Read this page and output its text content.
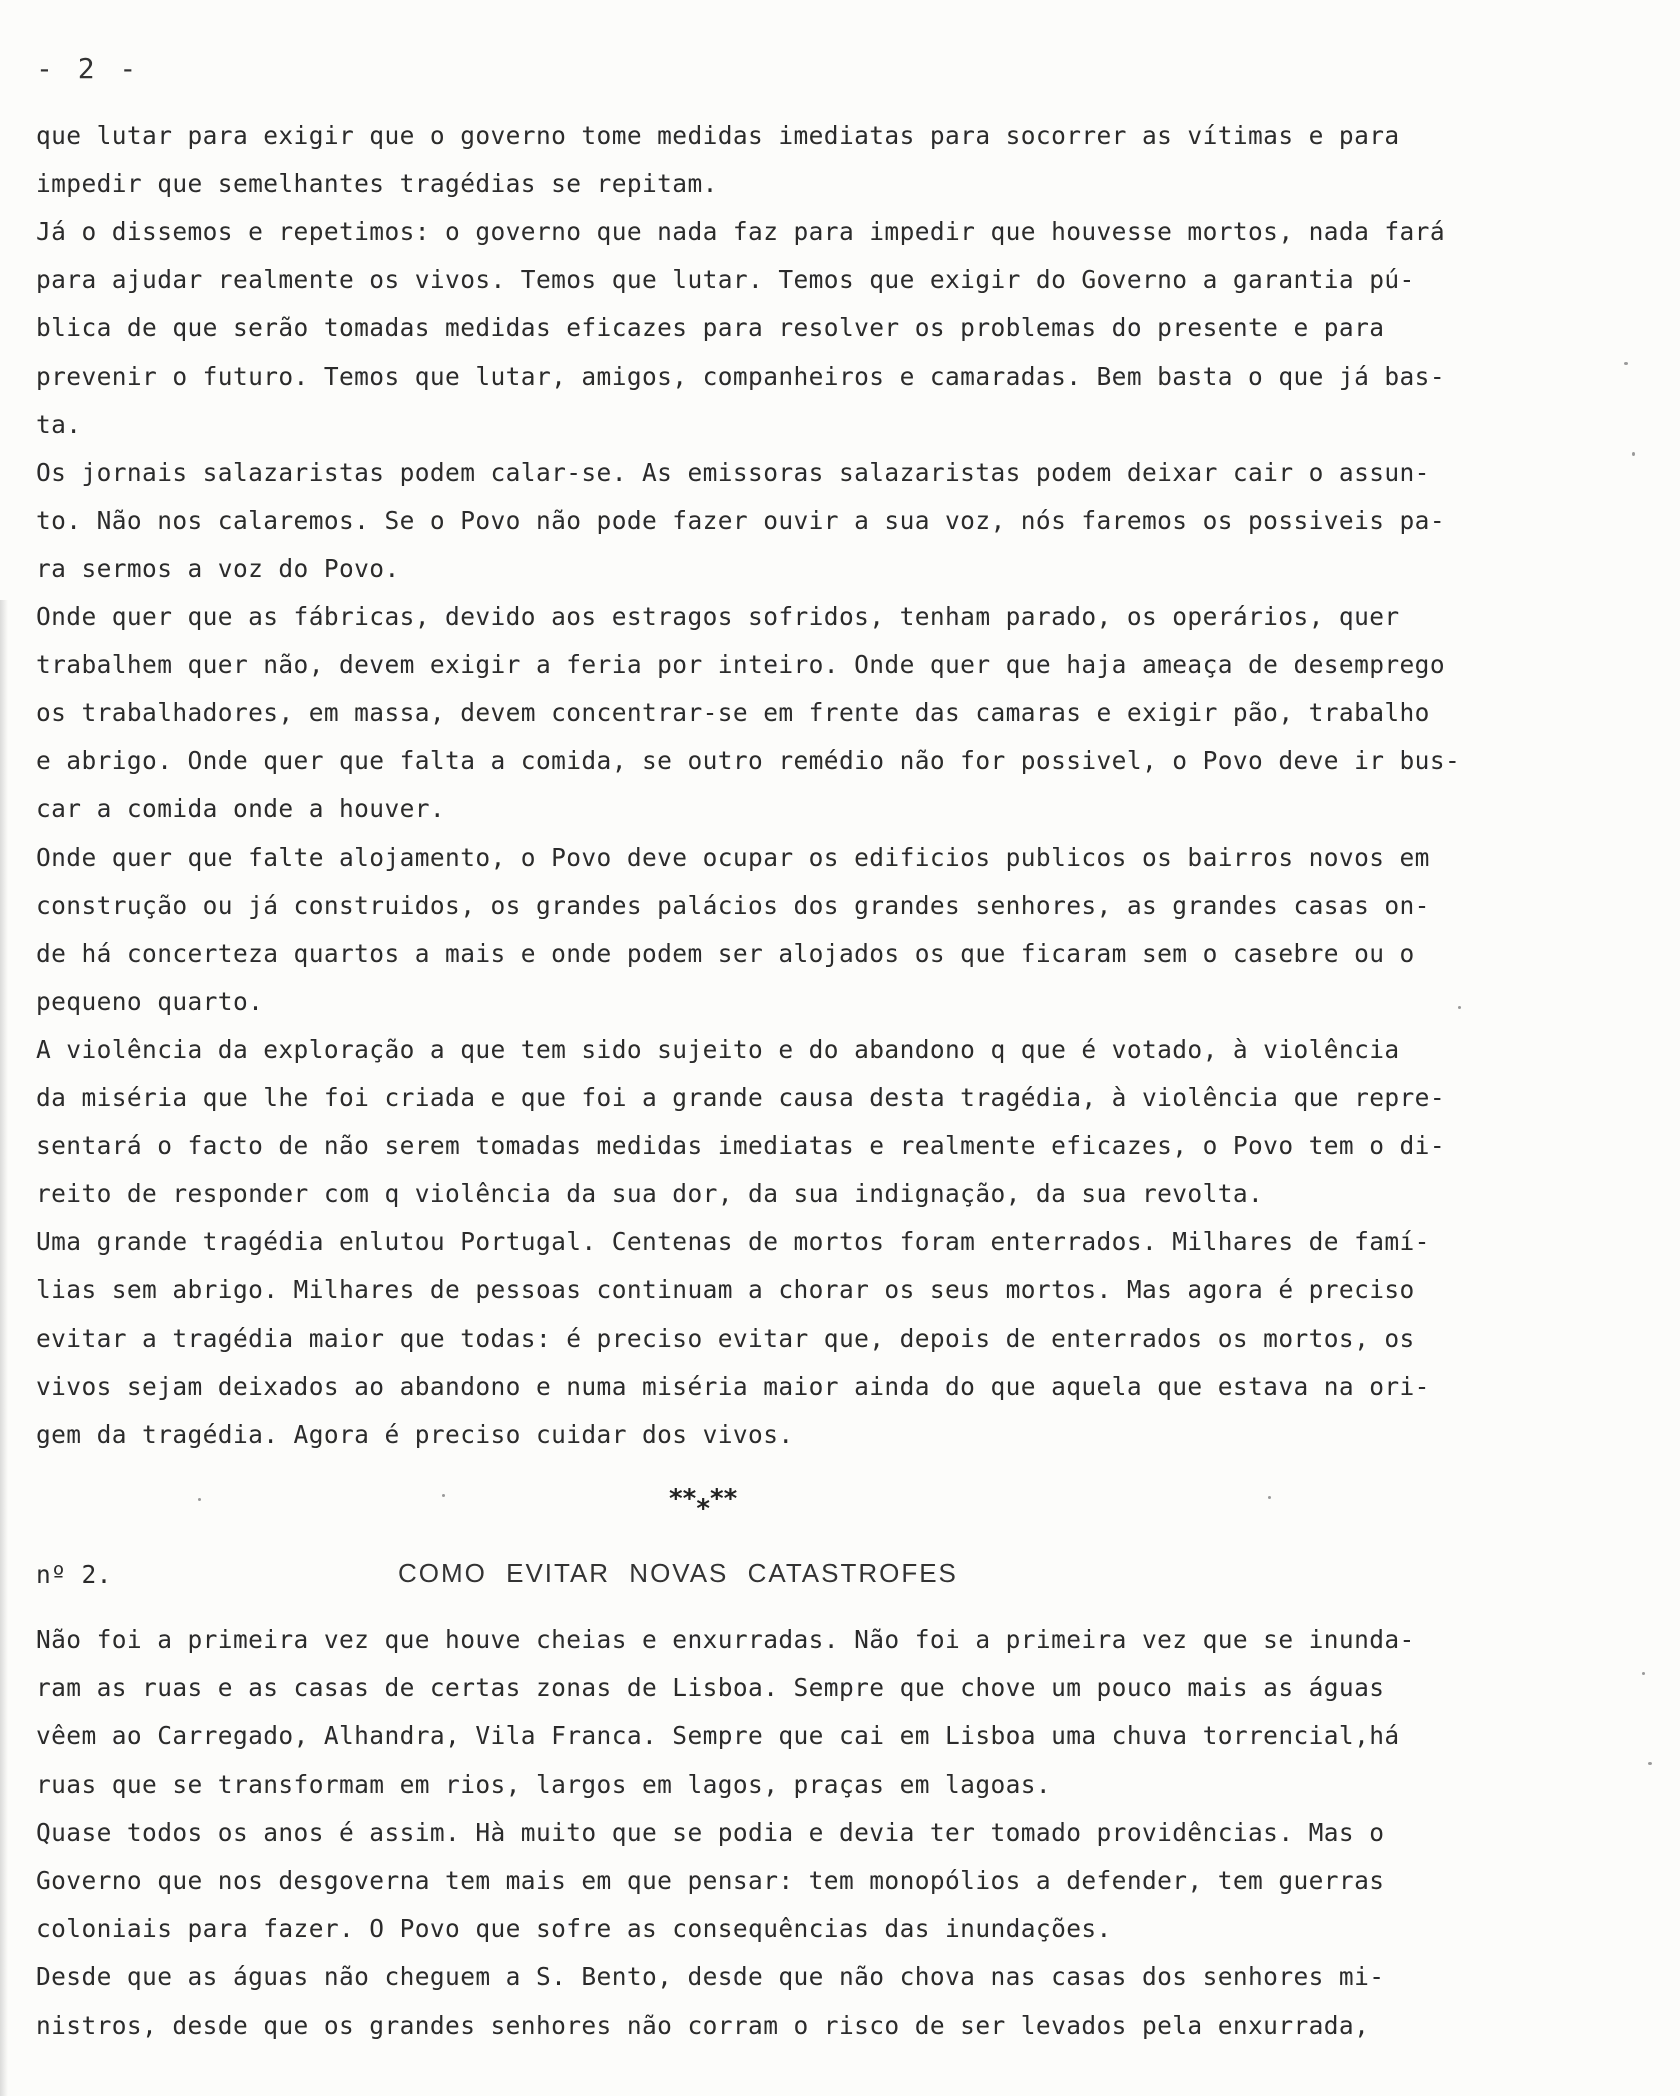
- 2 -
que lutar para exigir que o governo tome medidas imediatas para socorrer as vítimas e para
impedir que semelhantes tragédias se repitam.
Já o dissemos e repetimos: o governo que nada faz para impedir que houvesse mortos, nada fará
para ajudar realmente os vivos. Temos que lutar. Temos que exigir do Governo a garantia pú-
blica de que serão tomadas medidas eficazes para resolver os problemas do presente e para
prevenir o futuro. Temos que lutar, amigos, companheiros e camaradas. Bem basta o que já bas-
ta.
Os jornais salazaristas podem calar-se. As emissoras salazaristas podem deixar cair o assun-
to. Não nos calaremos. Se o Povo não pode fazer ouvir a sua voz, nós faremos os possiveis pa-
ra sermos a voz do Povo.
Onde quer que as fábricas, devido aos estragos sofridos, tenham parado, os operários, quer
trabalhem quer não, devem exigir a feria por inteiro. Onde quer que haja ameaça de desemprego
os trabalhadores, em massa, devem concentrar-se em frente das camaras e exigir pão, trabalho
e abrigo. Onde quer que falta a comida, se outro remédio não for possivel, o Povo deve ir bus-
car a comida onde a houver.
Onde quer que falte alojamento, o Povo deve ocupar os edificios publicos os bairros novos em
construção ou já construidos, os grandes palácios dos grandes senhores, as grandes casas on-
de há concerteza quartos a mais e onde podem ser alojados os que ficaram sem o casebre ou o
pequeno quarto.
A violência da exploração a que tem sido sujeito e do abandono q que é votado, à violência
da miséria que lhe foi criada e que foi a grande causa desta tragédia, à violência que repre-
sentará o facto de não serem tomadas medidas imediatas e realmente eficazes, o Povo tem o di-
reito de responder com q violência da sua dor, da sua indignação, da sua revolta.
Uma grande tragédia enlutou Portugal. Centenas de mortos foram enterrados. Milhares de famí-
lias sem abrigo. Milhares de pessoas continuam a chorar os seus mortos. Mas agora é preciso
evitar a tragédia maior que todas: é preciso evitar que, depois de enterrados os mortos, os
vivos sejam deixados ao abandono e numa miséria maior ainda do que aquela que estava na ori-
gem da tragédia. Agora é preciso cuidar dos vivos.
*****
nº 2.	COMO EVITAR NOVAS CATASTROFES
Não foi a primeira vez que houve cheias e enxurradas. Não foi a primeira vez que se inunda-
ram as ruas e as casas de certas zonas de Lisboa. Sempre que chove um pouco mais as águas
vêem ao Carregado, Alhandra, Vila Franca. Sempre que cai em Lisboa uma chuva torrencial,há
ruas que se transformam em rios, largos em lagos, praças em lagoas.
Quase todos os anos é assim. Hà muito que se podia e devia ter tomado providências. Mas o
Governo que nos desgoverna tem mais em que pensar: tem monopólios a defender, tem guerras
coloniais para fazer. O Povo que sofre as consequências das inundações.
Desde que as águas não cheguem a S. Bento, desde que não chova nas casas dos senhores mi-
nistros, desde que os grandes senhores não corram o risco de ser levados pela enxurrada,
